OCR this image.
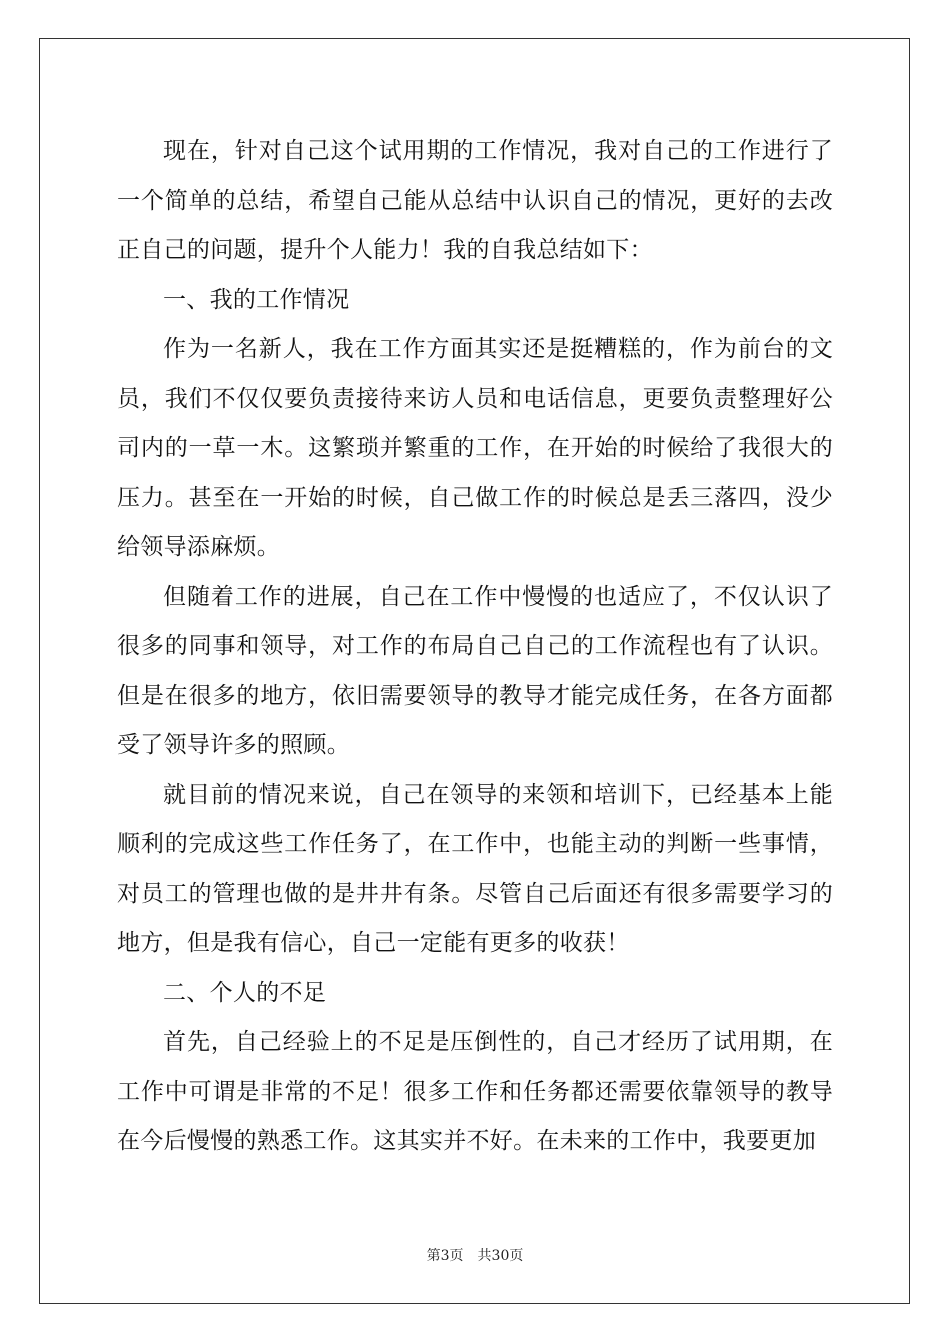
现在，针对自己这个试用期的工作情况，我对自己的工作进行了一个简单的总结，希望自己能从总结中认识自己的情况，更好的去改正自己的问题，提升个人能力！我的自我总结如下：

一、我的工作情况

作为一名新人，我在工作方面其实还是挺糟糕的，作为前台的文员，我们不仅仅要负责接待来访人员和电话信息，更要负责整理好公司内的一草一木。这繁琐并繁重的工作，在开始的时候给了我很大的压力。甚至在一开始的时候，自己做工作的时候总是丢三落四，没少给领导添麻烦。

但随着工作的进展，自己在工作中慢慢的也适应了，不仅认识了很多的同事和领导，对工作的布局自己自己的工作流程也有了认识。但是在很多的地方，依旧需要领导的教导才能完成任务，在各方面都受了领导许多的照顾。

就目前的情况来说，自己在领导的来领和培训下，已经基本上能顺利的完成这些工作任务了，在工作中，也能主动的判断一些事情，对员工的管理也做的是井井有条。尽管自己后面还有很多需要学习的地方，但是我有信心，自己一定能有更多的收获！

二、个人的不足

首先，自己经验上的不足是压倒性的，自己才经历了试用期，在工作中可谓是非常的不足！很多工作和任务都还需要依靠领导的教导在今后慢慢的熟悉工作。这其实并不好。在未来的工作中，我要更加

第3页 共30页
